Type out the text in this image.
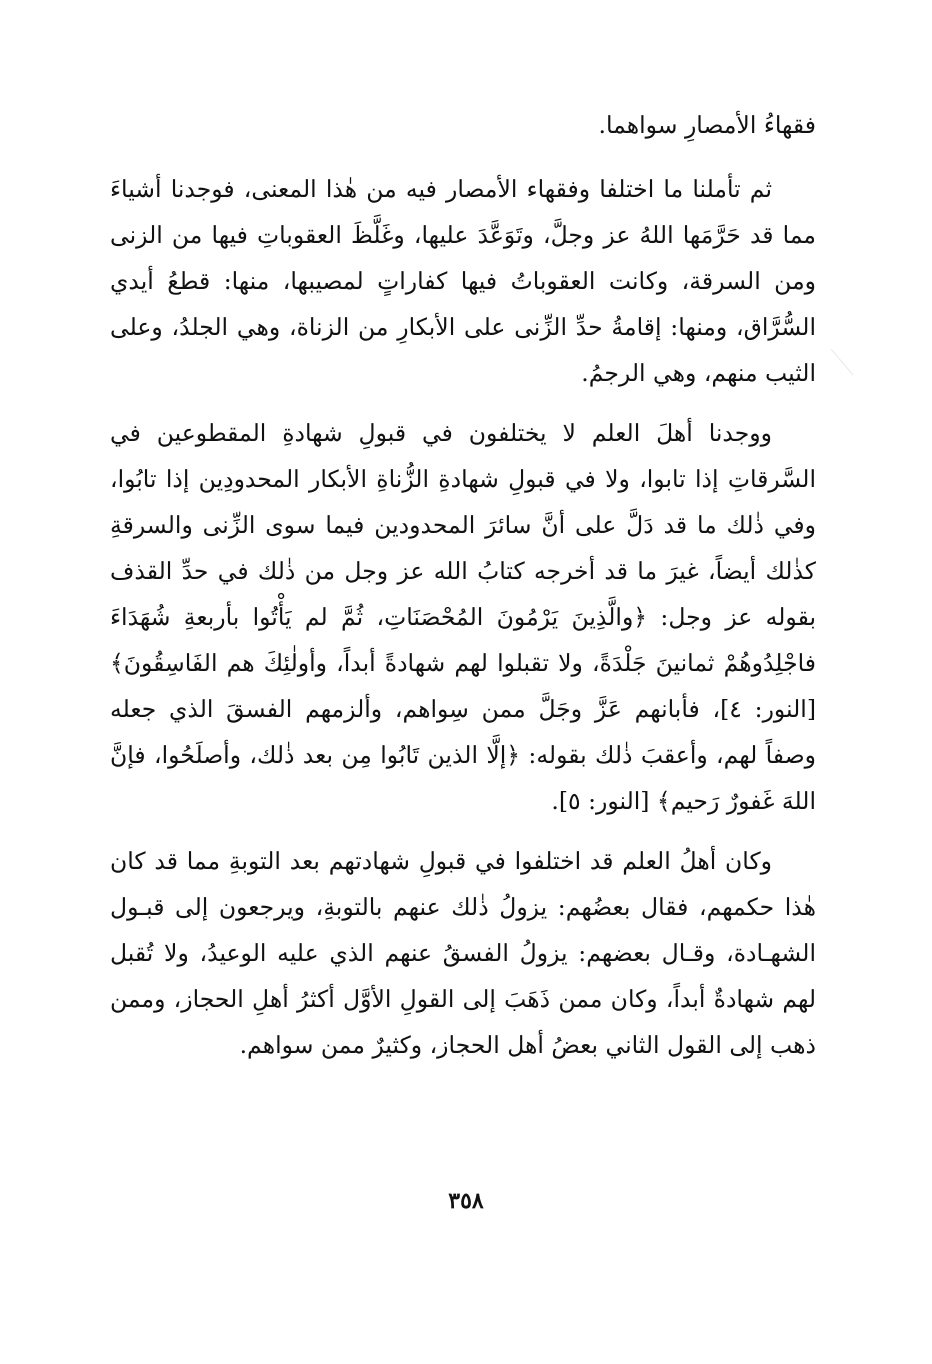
فقهاءُ الأمصارِ سواهما.

ثم تأملنا ما اختلفا وفقهاء الأمصار فيه من هٰذا المعنى، فوجدنا أشياءَ مما قد حَرَّمَها اللهُ عز وجلَّ، وتَوَعَّدَ عليها، وغَلَّظَ العقوباتِ فيها من الزنى ومن السرقة، وكانت العقوباتُ فيها كفاراتٍ لمصيبها، منها: قطعُ أيدي السُّرَّاق، ومنها: إقامةُ حدِّ الزِّنى على الأبكارِ من الزناة، وهي الجلدُ، وعلى الثيب منهم، وهي الرجمُ.

ووجدنا أهلَ العلم لا يختلفون في قبولِ شهادةِ المقطوعين في السَّرقاتِ إذا تابوا، ولا في قبولِ شهادةِ الزُّناةِ الأبكار المحدودِين إذا تابُوا، وفي ذٰلك ما قد دَلَّ على أنَّ سائرَ المحدودين فيما سوى الزِّنى والسرقةِ كذٰلك أيضاً، غيرَ ما قد أخرجه كتابُ الله عز وجل من ذٰلك في حدِّ القذف بقوله عز وجل: ﴿والَّذِينَ يَرْمُونَ المُحْصَنَاتِ، ثُمَّ لم يَأْتُوا بأربعةِ شُهَدَاءَ فاجْلِدُوهُمْ ثمانينَ جَلْدَةً، ولا تقبلوا لهم شهادةً أبداً، وأولٰئِكَ هم الفَاسِقُونَ﴾ [النور: ٤]، فأبانهم عَزَّ وجَلَّ ممن سِواهم، وألزمهم الفسقَ الذي جعله وصفاً لهم، وأعقبَ ذٰلك بقوله: ﴿إلَّا الذين تَابُوا مِن بعد ذٰلك، وأصلَحُوا، فإنَّ اللهَ غَفورٌ رَحيم﴾ [النور: ٥].

وكان أهلُ العلم قد اختلفوا في قبولِ شهادتهم بعد التوبةِ مما قد كان هٰذا حكمهم، فقال بعضُهم: يزولُ ذٰلك عنهم بالتوبةِ، ويرجعون إلى قبـول الشهـادة، وقـال بعضهم: يزولُ الفسقُ عنهم الذي عليه الوعيدُ، ولا تُقبل لهم شهادةٌ أبداً، وكان ممن ذَهَبَ إلى القولِ الأوَّل أكثرُ أهلِ الحجاز، وممن ذهب إلى القول الثاني بعضُ أهل الحجاز، وكثيرٌ ممن سواهم.

٣٥٨
